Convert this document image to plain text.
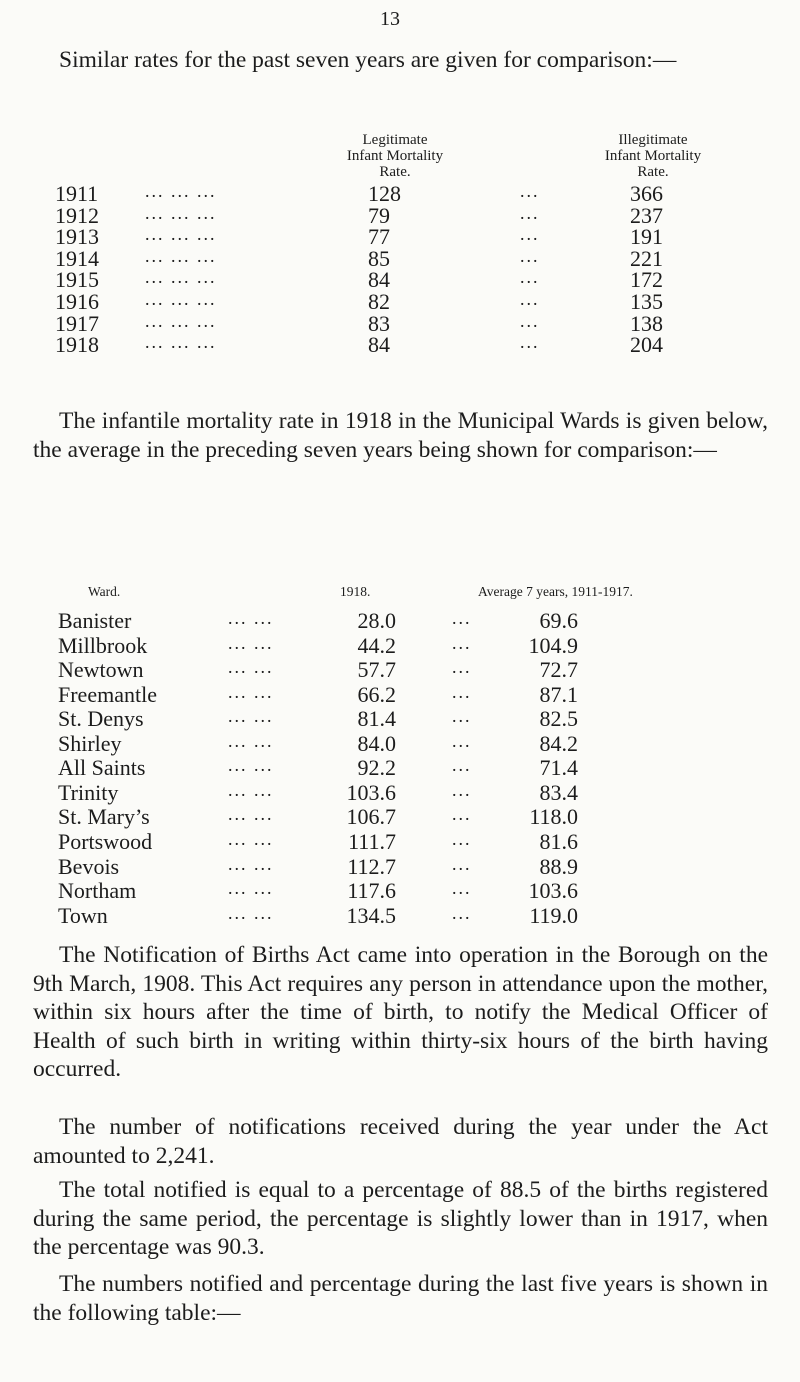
13
Similar rates for the past seven years are given for comparison:—
Legitimate
Infant Mortality
Rate.
Illegitimate
Infant Mortality
Rate.
1911	... ... ...	128	...	366
1912	... ... ...	79	...	237
1913	... ... ...	77	...	191
1914	... ... ...	85	...	221
1915	... ... ...	84	...	172
1916	... ... ...	82	...	135
1917	... ... ...	83	...	138
1918	... ... ...	84	...	204
The infantile mortality rate in 1918 in the Municipal Wards is given below, the average in the preceding seven years being shown for comparison:—
Ward.	1918.	Average 7 years, 1911-1917.
Banister	... ...	28.0	...	69.6
Millbrook	... ...	44.2	...	104.9
Newtown	... ...	57.7	...	72.7
Freemantle	... ...	66.2	...	87.1
St. Denys	... ...	81.4	...	82.5
Shirley	... ...	84.0	...	84.2
All Saints	... ...	92.2	...	71.4
Trinity	... ...	103.6	...	83.4
St. Mary’s	... ...	106.7	...	118.0
Portswood	... ...	111.7	...	81.6
Bevois	... ...	112.7	...	88.9
Northam	... ...	117.6	...	103.6
Town	... ...	134.5	...	119.0
The Notification of Births Act came into operation in the Borough on the 9th March, 1908. This Act requires any person in attendance upon the mother, within six hours after the time of birth, to notify the Medical Officer of Health of such birth in writing within thirty-six hours of the birth having occurred.
The number of notifications received during the year under the Act amounted to 2,241.
The total notified is equal to a percentage of 88.5 of the births registered during the same period, the percentage is slightly lower than in 1917, when the percentage was 90.3.
The numbers notified and percentage during the last five years is shown in the following table:—
